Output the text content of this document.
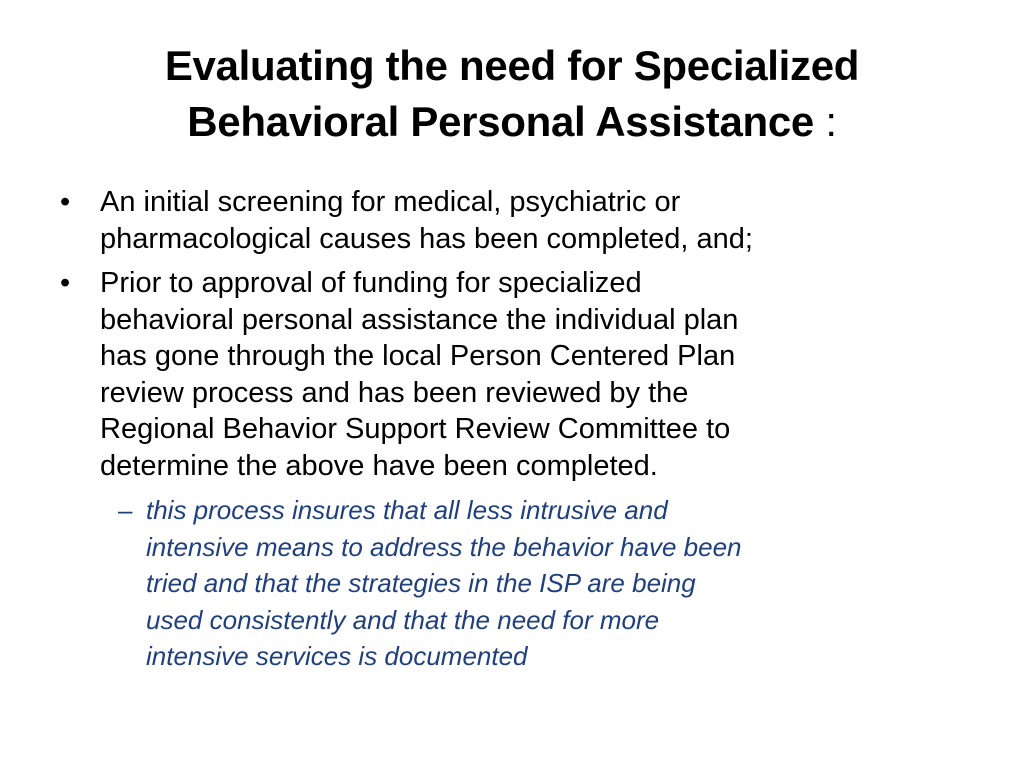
Evaluating the need for Specialized
Behavioral Personal Assistance :
•	An initial screening for medical, psychiatric or
pharmacological causes has been completed, and;
•	Prior to approval of funding for specialized
behavioral personal assistance the individual plan
has gone through the local Person Centered Plan
review process and has been reviewed by the
Regional Behavior Support Review Committee to
determine the above have been completed.
– this process insures that all less intrusive and
intensive means to address the behavior have been
tried and that the strategies in the ISP are being
used consistently and that the need for more
intensive services is documented
